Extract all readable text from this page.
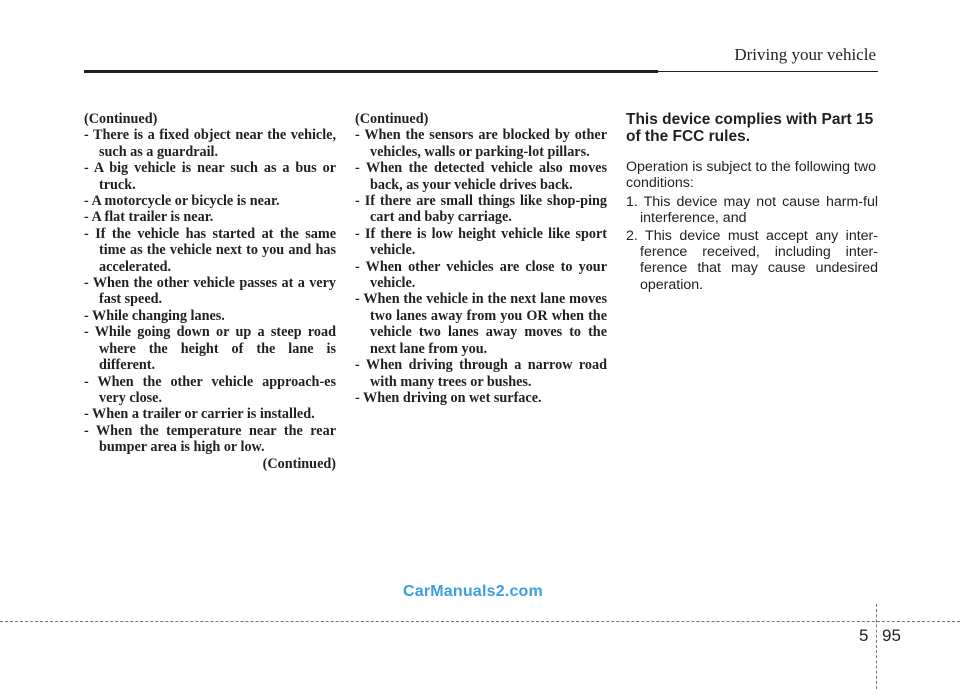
Driving your vehicle

(Continued)

- There is a fixed object near the vehicle, such as a guardrail.

- A big vehicle is near such as a bus or truck.

- A motorcycle or bicycle is near.

- A flat trailer is near.

- If the vehicle has started at the same time as the vehicle next to you and has accelerated.

- When the other vehicle passes at a very fast speed.

- While changing lanes.

- While going down or up a steep road where the height of the lane is different.

- When the other vehicle approach-es very close.

- When a trailer or carrier is installed.

- When the temperature near the rear bumper area is high or low.

(Continued)

(Continued)

- When the sensors are blocked by other vehicles, walls or parking-lot pillars.

- When the detected vehicle also moves back, as your vehicle drives back.

- If there are small things like shop-ping cart and baby carriage.

- If there is low height vehicle like sport vehicle.

- When other vehicles are close to your vehicle.

- When the vehicle in the next lane moves two lanes away from you OR when the vehicle two lanes away moves to the next lane from you.

- When driving through a narrow road with many trees or bushes.

- When driving on wet surface.

This device complies with Part 15 of the FCC rules.

Operation is subject to the following two conditions:

1. This device may not cause harm-ful interference, and

2. This device must accept any inter-ference received, including inter-ference that may cause undesired operation.

CarManuals2.com
5 95
